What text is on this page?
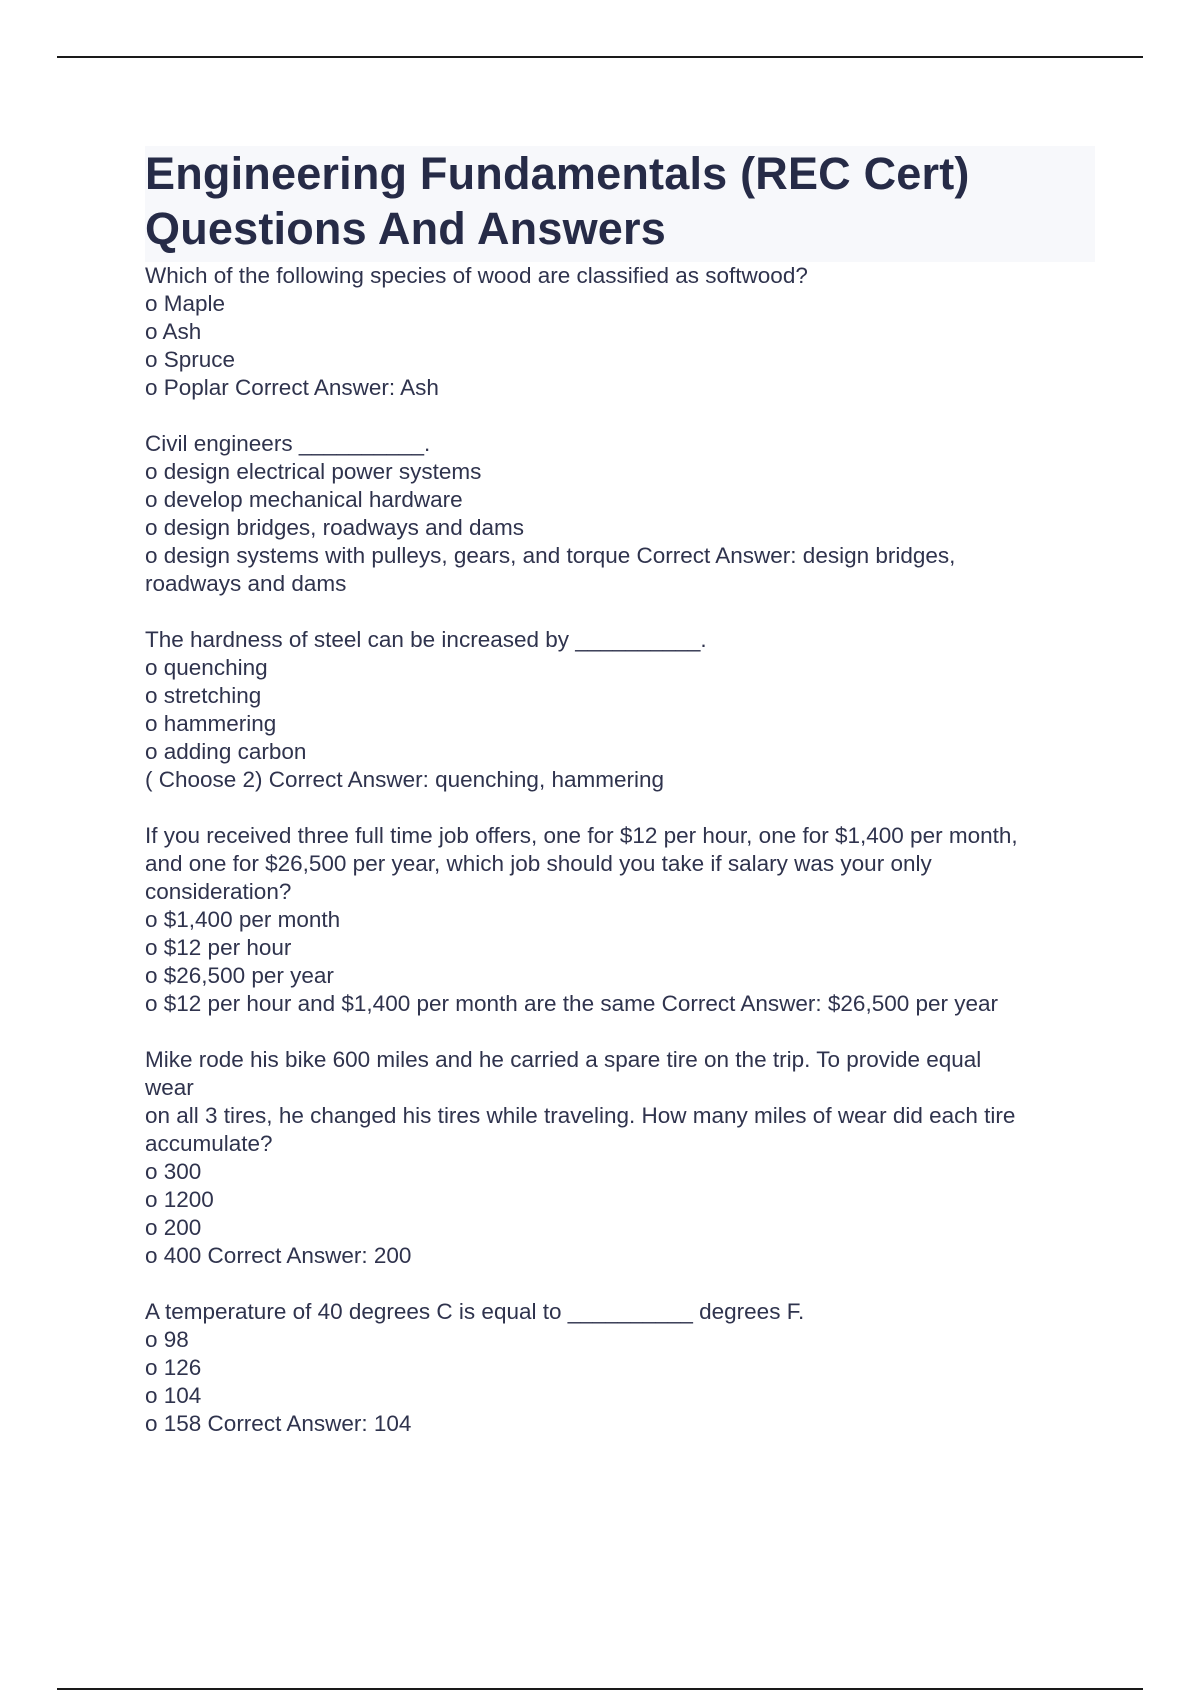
Engineering Fundamentals (REC Cert)
Questions And Answers
Which of the following species of wood are classified as softwood?
o Maple
o Ash
o Spruce
o Poplar Correct Answer: Ash
Civil engineers __________.
o design electrical power systems
o develop mechanical hardware
o design bridges, roadways and dams
o design systems with pulleys, gears, and torque Correct Answer: design bridges,
roadways and dams
The hardness of steel can be increased by __________.
o quenching
o stretching
o hammering
o adding carbon
( Choose 2) Correct Answer: quenching, hammering
If you received three full time job offers, one for $12 per hour, one for $1,400 per month,
and one for $26,500 per year, which job should you take if salary was your only
consideration?
o $1,400 per month
o $12 per hour
o $26,500 per year
o $12 per hour and $1,400 per month are the same Correct Answer: $26,500 per year
Mike rode his bike 600 miles and he carried a spare tire on the trip. To provide equal
wear
on all 3 tires, he changed his tires while traveling. How many miles of wear did each tire
accumulate?
o 300
o 1200
o 200
o 400 Correct Answer: 200
A temperature of 40 degrees C is equal to __________ degrees F.
o 98
o 126
o 104
o 158 Correct Answer: 104
